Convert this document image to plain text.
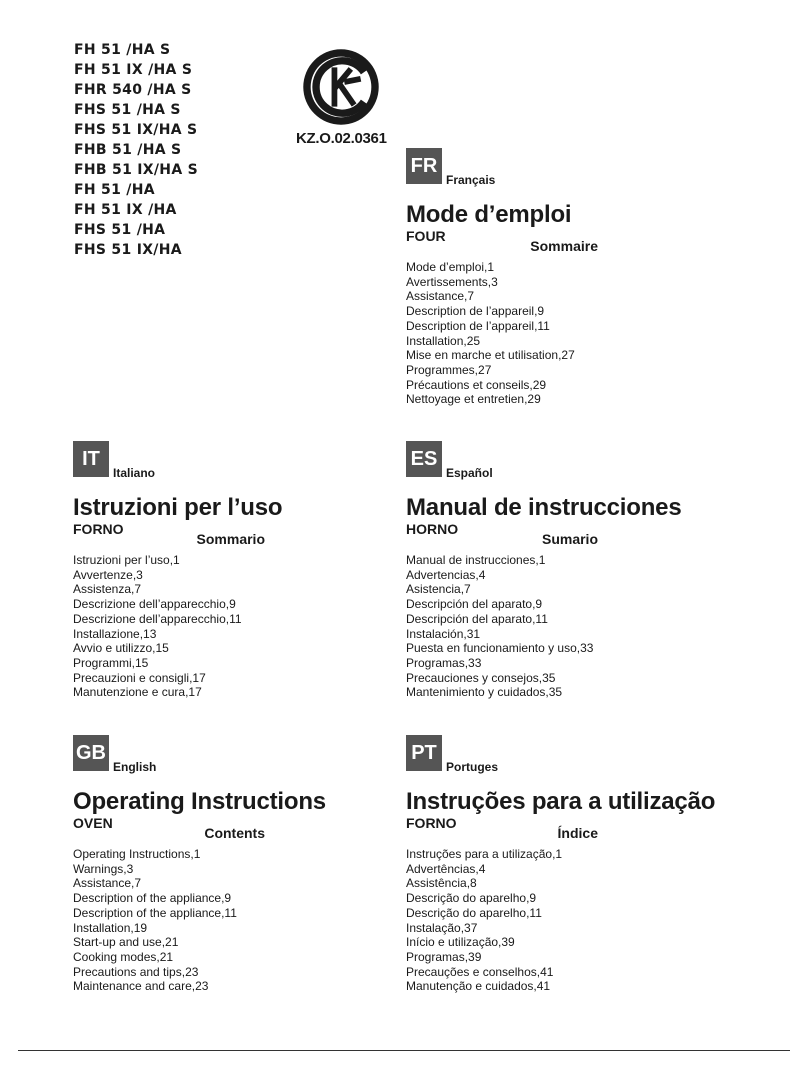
FH 51 /HA S
FH 51 IX /HA S
FHR 540 /HA S
FHS 51 /HA S
FHS 51 IX/HA S
FHB 51 /HA S
FHB 51 IX/HA S
FH 51 /HA
FH 51 IX /HA
FHS 51 /HA
FHS 51 IX/HA
KZ.O.02.0361
FR
Français
Mode d’emploi
FOUR
Sommaire
Mode d’emploi,1
Avertissements,3
Assistance,7
Description de l’appareil,9
Description de l’appareil,11
Installation,25
Mise en marche et utilisation,27
Programmes,27
Précautions et conseils,29
Nettoyage et entretien,29
IT
Italiano
Istruzioni per l’uso
FORNO
Sommario
Istruzioni per l’uso,1
Avvertenze,3
Assistenza,7
Descrizione dell’apparecchio,9
Descrizione dell’apparecchio,11
Installazione,13
Avvio e utilizzo,15
Programmi,15
Precauzioni e consigli,17
Manutenzione e cura,17
ES
Español
Manual de instrucciones
HORNO
Sumario
Manual de instrucciones,1
Advertencias,4
Asistencia,7
Descripción del aparato,9
Descripción del aparato,11
Instalación,31
Puesta en funcionamiento y uso,33
Programas,33
Precauciones y consejos,35
Mantenimiento y cuidados,35
GB
English
Operating Instructions
OVEN
Contents
Operating Instructions,1
Warnings,3
Assistance,7
Description of the appliance,9
Description of the appliance,11
Installation,19
Start-up and use,21
Cooking modes,21
Precautions and tips,23
Maintenance and care,23
PT
Portuges
Instruções para a utilização
FORNO
Índice
Instruções para a utilização,1
Advertências,4
Assistência,8
Descrição do aparelho,9
Descrição do aparelho,11
Instalação,37
Início e utilização,39
Programas,39
Precauções e conselhos,41
Manutenção e cuidados,41
